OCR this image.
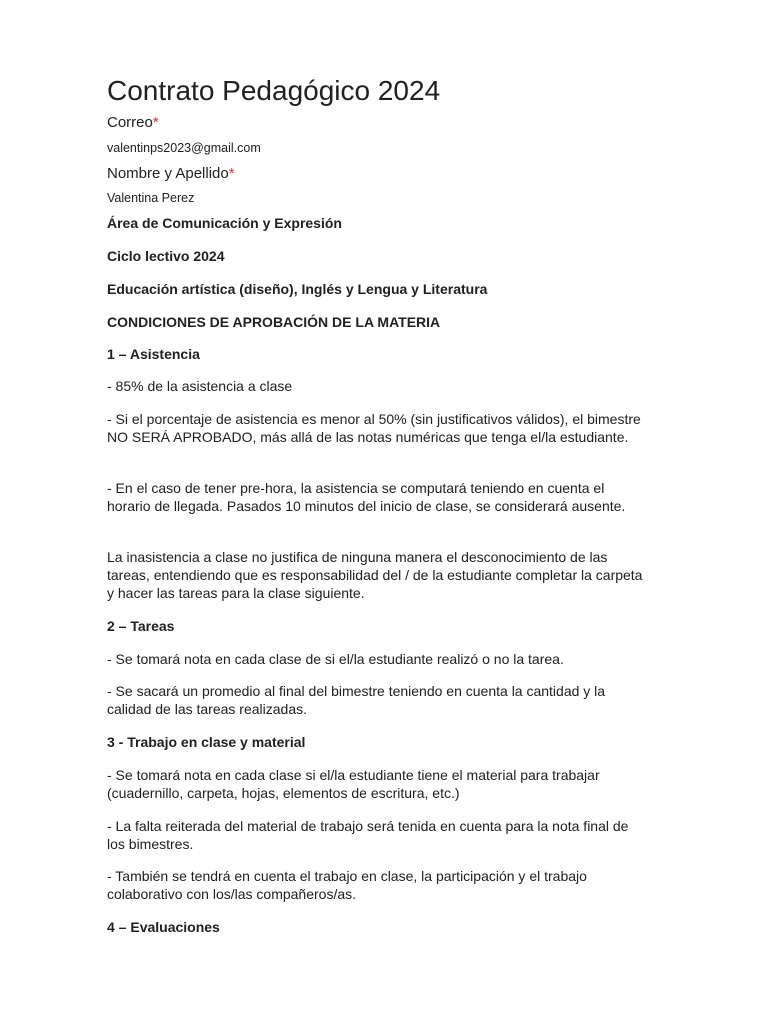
Contrato Pedagógico 2024
Correo*
valentinps2023@gmail.com
Nombre y Apellido*
Valentina Perez
Área de Comunicación y Expresión
Ciclo lectivo 2024
Educación artística (diseño), Inglés y Lengua y Literatura
CONDICIONES DE APROBACIÓN DE LA MATERIA
1 – Asistencia
- 85% de la asistencia a clase
- Si el porcentaje de asistencia es menor al 50% (sin justificativos válidos), el bimestre NO SERÁ APROBADO, más allá de las notas numéricas que tenga el/la estudiante.
- En el caso de tener pre-hora, la asistencia se computará teniendo en cuenta el horario de llegada. Pasados 10 minutos del inicio de clase, se considerará ausente.
La inasistencia a clase no justifica de ninguna manera el desconocimiento de las tareas, entendiendo que es responsabilidad del / de la estudiante completar la carpeta y hacer las tareas para la clase siguiente.
2 – Tareas
- Se tomará nota en cada clase de si el/la estudiante realizó o no la tarea.
- Se sacará un promedio al final del bimestre teniendo en cuenta la cantidad y la calidad de las tareas realizadas.
3 - Trabajo en clase y material
- Se tomará nota en cada clase si el/la estudiante tiene el material para trabajar (cuadernillo, carpeta, hojas, elementos de escritura, etc.)
- La falta reiterada del material de trabajo será tenida en cuenta para la nota final de los bimestres.
- También se tendrá en cuenta el trabajo en clase, la participación y el trabajo colaborativo con los/las compañeros/as.
4 – Evaluaciones
